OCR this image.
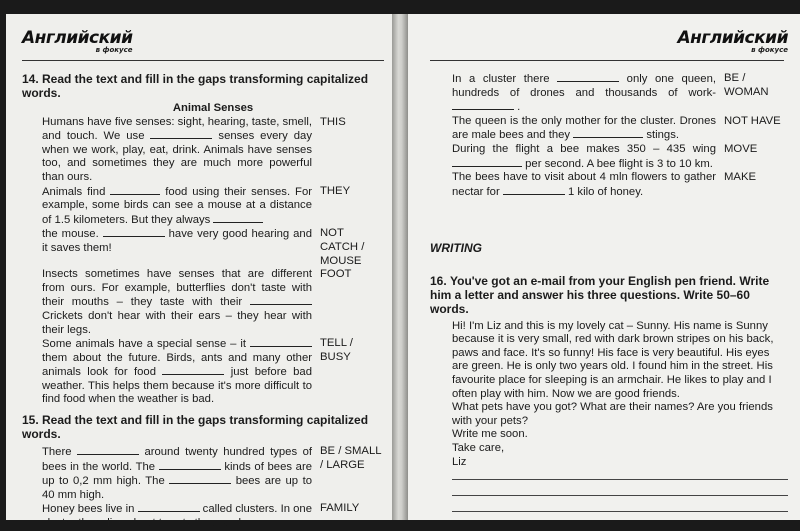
Английский
в фокусе

14. Read the text and fill in the gaps transforming capitalized words.

Animal Senses
Humans have five senses: sight, hearing, taste, smell, and touch. We use	senses every day when we work, play, eat, drink. Animals have senses too, and sometimes they are much more powerful than ours.
THIS
Animals find	food using their senses. For example, some birds can see a mouse at a distance of 1.5 kilometers. But they always
THEY
the mouse.	have very good hearing and it saves them!
NOT CATCH / MOUSE
Insects sometimes have senses that are different from ours. For example, butterflies don't taste with their mouths – they taste with their  Crickets don't hear with their ears – they hear with their legs.
FOOT
Some animals have a special sense – it  them about the future. Birds, ants and many other animals look for food	just before bad weather. This helps them because it's more difficult to find food when the weather is bad.
TELL / BUSY

15. Read the text and fill in the gaps transforming capitalized words.

There	around twenty hundred types of bees in the world. The	kinds of bees are up to 0,2 mm high. The	bees are up to 40 mm high.
BE / SMALL / LARGE
Honey bees live in	called clusters. In one cluster there live about twenty thousand
FAMILY
Английский
в фокусе
In a cluster there	only one queen, hundreds of drones and thousands of work- .
BE / WOMAN
The queen is the only mother for the cluster. Drones are male bees and they	stings.
NOT HAVE
During the flight a bee makes 350 – 435 wing  per second. A bee flight is 3 to 10 km.
MOVE
The bees have to visit about 4 mln flowers to gather nectar for	1 kilo of honey.
MAKE
WRITING

16. You've got an e-mail from your English pen friend. Write him a letter and answer his three questions. Write 50–60 words.

Hi! I'm Liz and this is my lovely cat – Sunny. His name is Sunny because it is very small, red with dark brown stripes on his back, paws and face. It's so funny! His face is very beautiful. His eyes are green. He is only two years old. I found him in the street. His favourite place for sleeping is an armchair. He likes to play and I often play with him. Now we are good friends.

What pets have you got? What are their names? Are you friends with your pets?

Write me soon.

Take care,

Liz
